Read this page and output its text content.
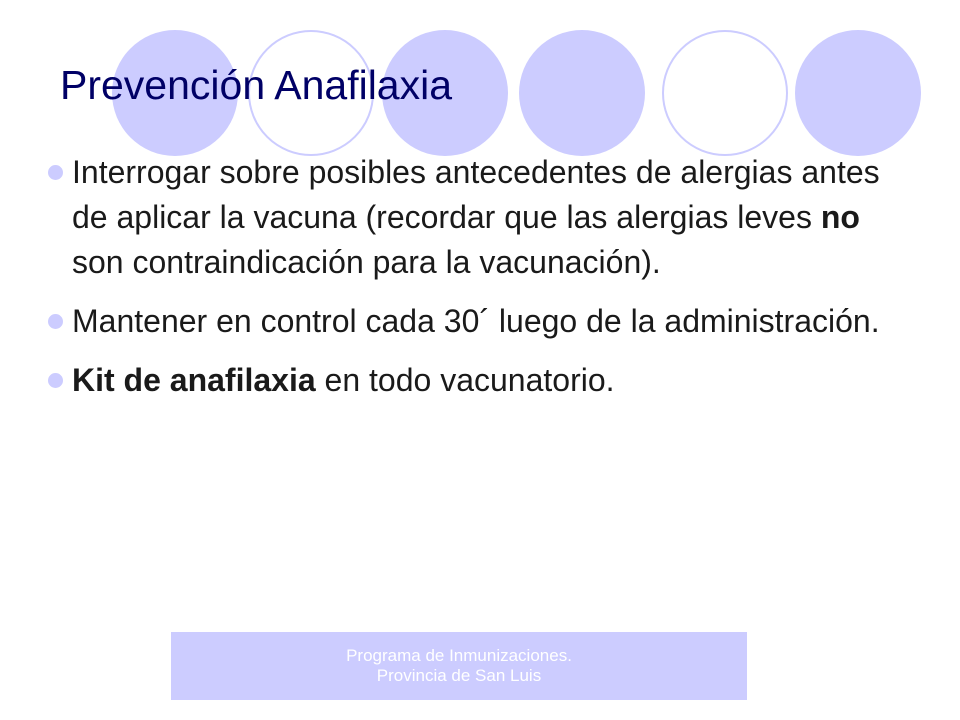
Prevención Anafilaxia
Interrogar sobre posibles antecedentes de alergias antes de aplicar la vacuna (recordar que las alergias leves no son contraindicación para la vacunación).
Mantener en control cada 30´ luego de la administración.
Kit de anafilaxia en todo vacunatorio.
Programa de Inmunizaciones.
Provincia de San Luis
